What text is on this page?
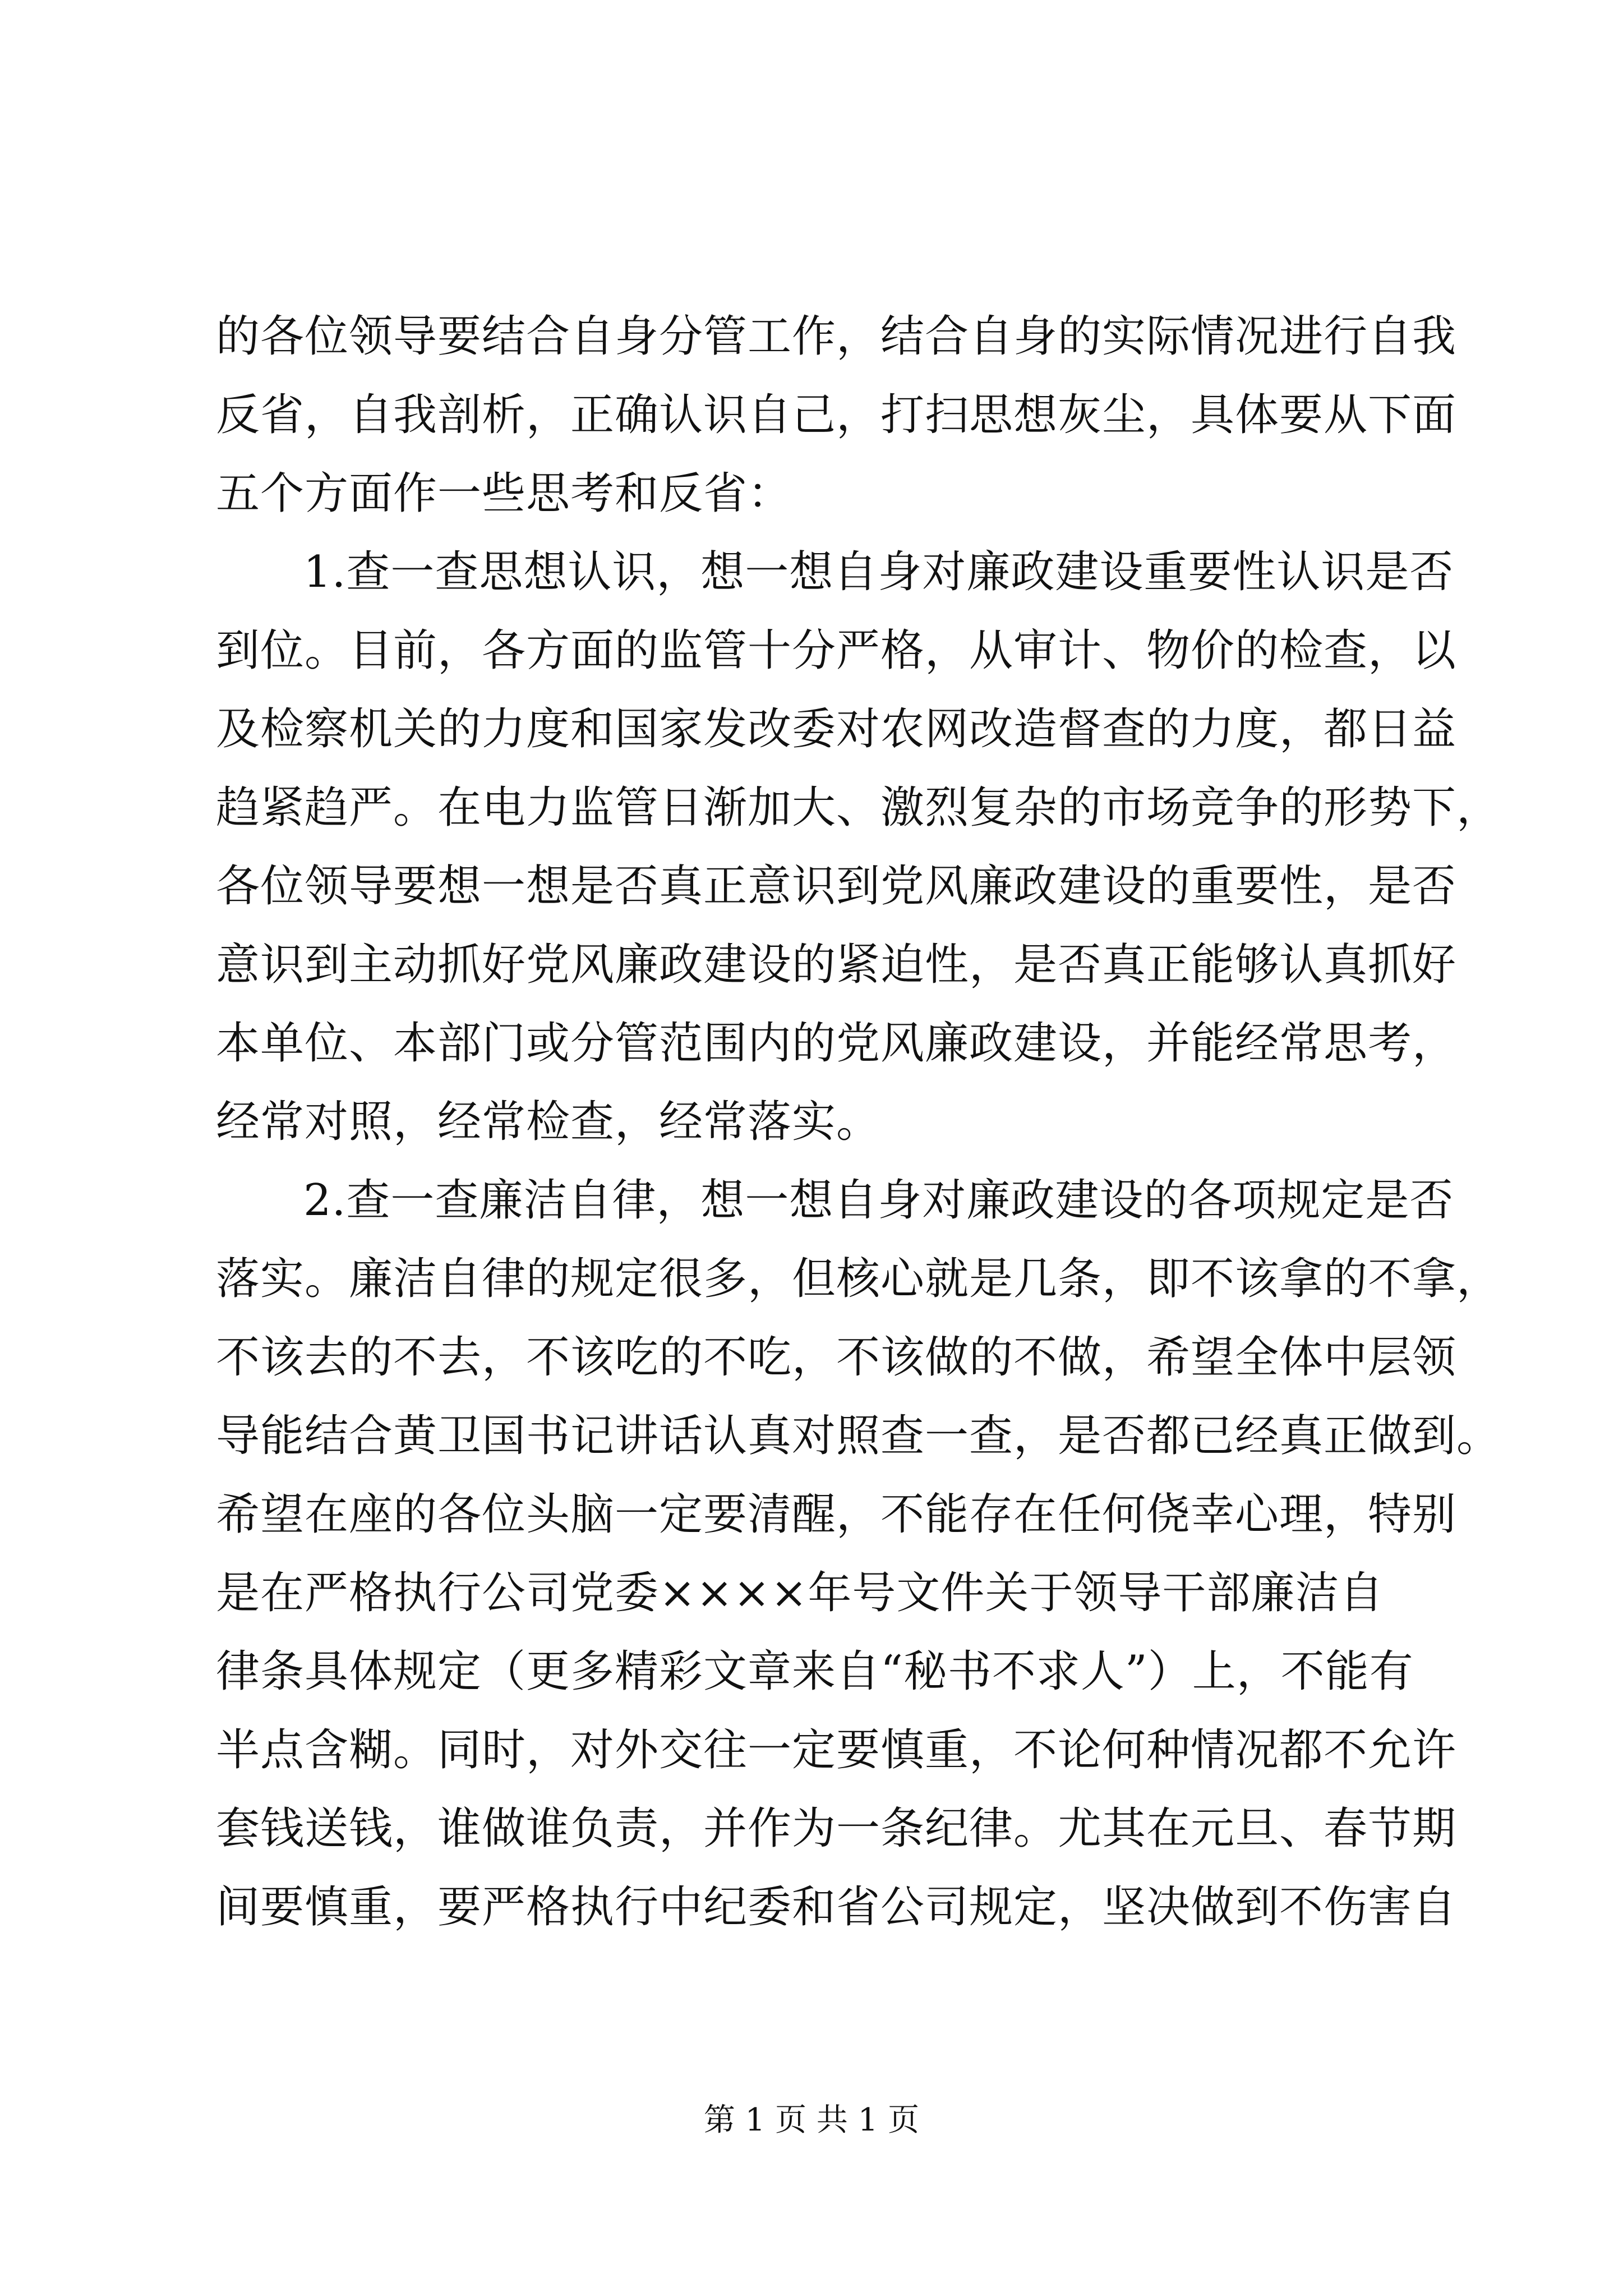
的各位领导要结合自身分管工作，结合自身的实际情况进行自我
反省，自我剖析，正确认识自己，打扫思想灰尘，具体要从下面
五个方面作一些思考和反省：
1.查一查思想认识，想一想自身对廉政建设重要性认识是否
到位。目前，各方面的监管十分严格，从审计、物价的检查，以
及检察机关的力度和国家发改委对农网改造督查的力度，都日益
趋紧趋严。在电力监管日渐加大、激烈复杂的市场竞争的形势下，
各位领导要想一想是否真正意识到党风廉政建设的重要性，是否
意识到主动抓好党风廉政建设的紧迫性，是否真正能够认真抓好
本单位、本部门或分管范围内的党风廉政建设，并能经常思考，
经常对照，经常检查，经常落实。
2.查一查廉洁自律，想一想自身对廉政建设的各项规定是否
落实。廉洁自律的规定很多，但核心就是几条，即不该拿的不拿，
不该去的不去，不该吃的不吃，不该做的不做，希望全体中层领
导能结合黄卫国书记讲话认真对照查一查，是否都已经真正做到。
希望在座的各位头脑一定要清醒，不能存在任何侥幸心理，特别
是在严格执行公司党委××××年号文件关于领导干部廉洁自
律条具体规定（更多精彩文章来自“秘书不求人”）上，不能有
半点含糊。同时，对外交往一定要慎重，不论何种情况都不允许
套钱送钱，谁做谁负责，并作为一条纪律。尤其在元旦、春节期
间要慎重，要严格执行中纪委和省公司规定，坚决做到不伤害自
第 1 页 共 1 页
